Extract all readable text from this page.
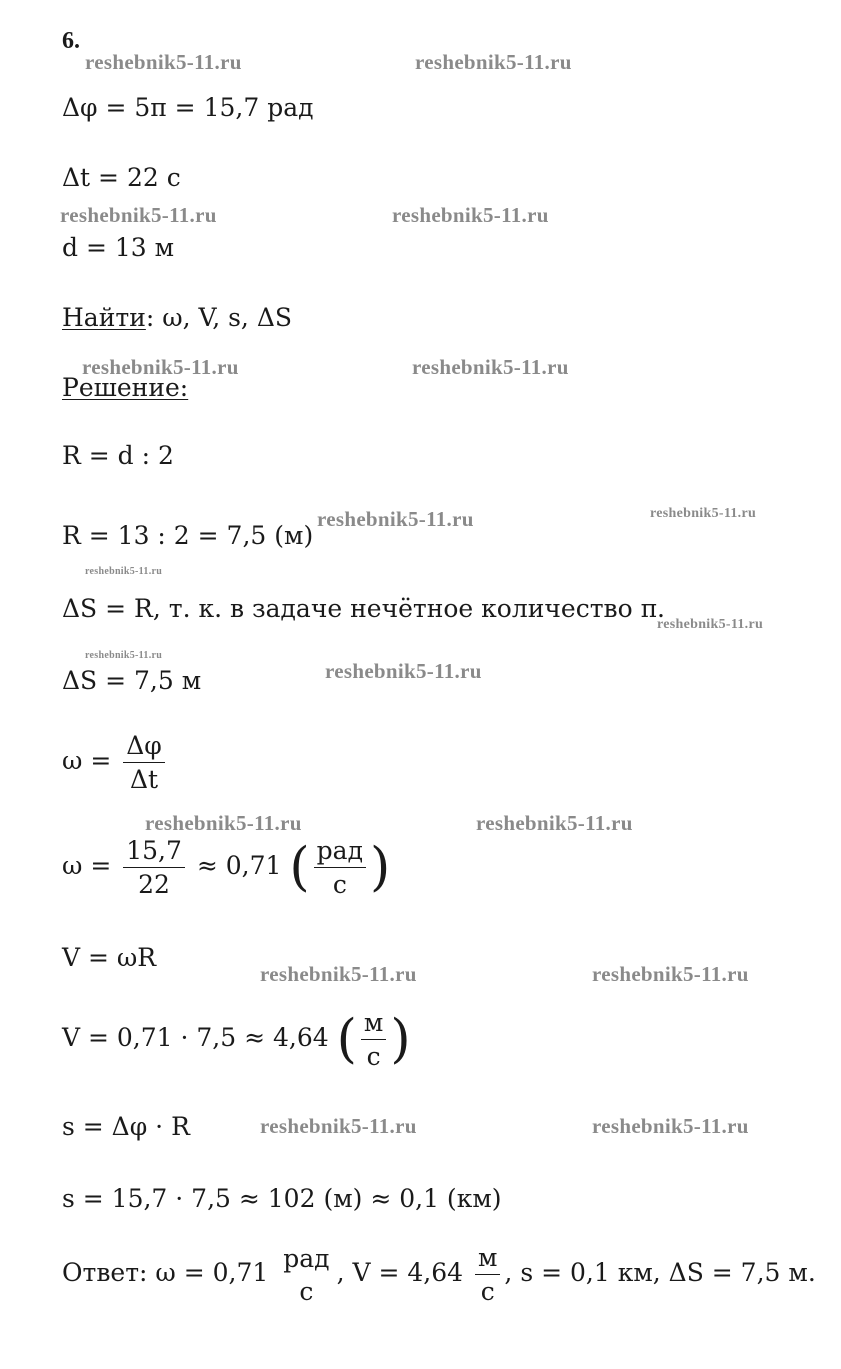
6.
reshebnik5-11.ru	reshebnik5-11.ru
reshebnik5-11.ru	reshebnik5-11.ru
reshebnik5-11.ru	reshebnik5-11.ru
reshebnik5-11.ru	reshebnik5-11.ru
reshebnik5-11.ru
reshebnik5-11.ru
reshebnik5-11.ru
reshebnik5-11.ru
reshebnik5-11.ru	reshebnik5-11.ru
reshebnik5-11.ru	reshebnik5-11.ru
reshebnik5-11.ru	reshebnik5-11.ru
Δφ = 5π = 15,7 рад
Δt = 22 с
d = 13 м
Найти: ω, V, s, ΔS
Решение:
R = d : 2
R = 13 : 2 = 7,5 (м)
ΔS = R, т. к. в задаче нечётное количество π.
ΔS = 7,5 м
$\omega = \frac{\Delta\varphi}{\Delta t}$
$\omega = \frac{15,7}{22} \approx 0,71$ ( $\frac{\text{рад}}{с}$ )
V = ωR
V = 0,71 · 7,5 ≈ 4,64 ( $\frac{м}{с}$ )
s = Δφ · R
s = 15,7 · 7,5 ≈ 102 (м) ≈ 0,1 (км)
Ответ: ω = 0,71 рад
с
, $V = 4,64 \frac{м}{с}$ , s = 0,1 км, ΔS = 7,5 м.
